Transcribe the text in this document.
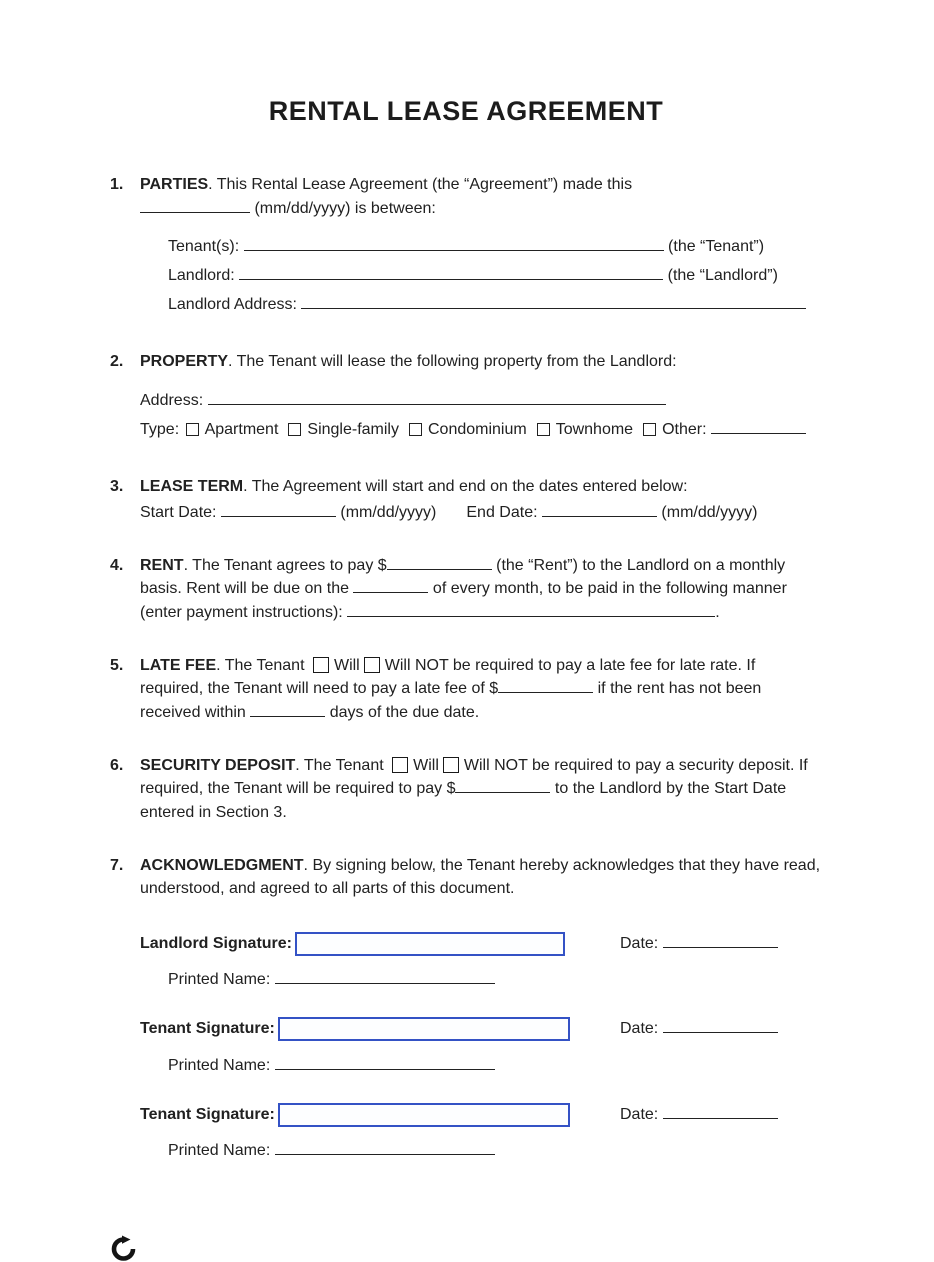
RENTAL LEASE AGREEMENT
1.	PARTIES. This Rental Lease Agreement (the “Agreement”) made this

(mm/dd/yyyy) is between:

Tenant(s):	(the “Tenant”)
Landlord:	(the “Landlord”)
Landlord Address:
2.	PROPERTY. The Tenant will lease the following property from the Landlord:

Address:
Type: Apartment Single-family Condominium Townhome Other:
3.	LEASE TERM. The Agreement will start and end on the dates entered below:

Start Date:	(mm/dd/yyyy) End Date:	(mm/dd/yyyy)
4.	RENT. The Tenant agrees to pay $	(the “Rent”) to the Landlord on a monthly basis. Rent will be due on the	of every month, to be paid in the following manner (enter payment instructions):	.

5.	LATE FEE. The Tenant Will Will NOT be required to pay a late fee for late rate. If required, the Tenant will need to pay a late fee of $	if the rent has not been received within	days of the due date.

6.	SECURITY DEPOSIT. The Tenant Will Will NOT be required to pay a security deposit. If required, the Tenant will be required to pay $	to the Landlord by the Start Date entered in Section 3.

7.	ACKNOWLEDGMENT. By signing below, the Tenant hereby acknowledges that they have read, understood, and agreed to all parts of this document.

Landlord Signature:	Date:
Printed Name:
Tenant Signature:	Date:
Printed Name:
Tenant Signature:	Date:
Printed Name:
